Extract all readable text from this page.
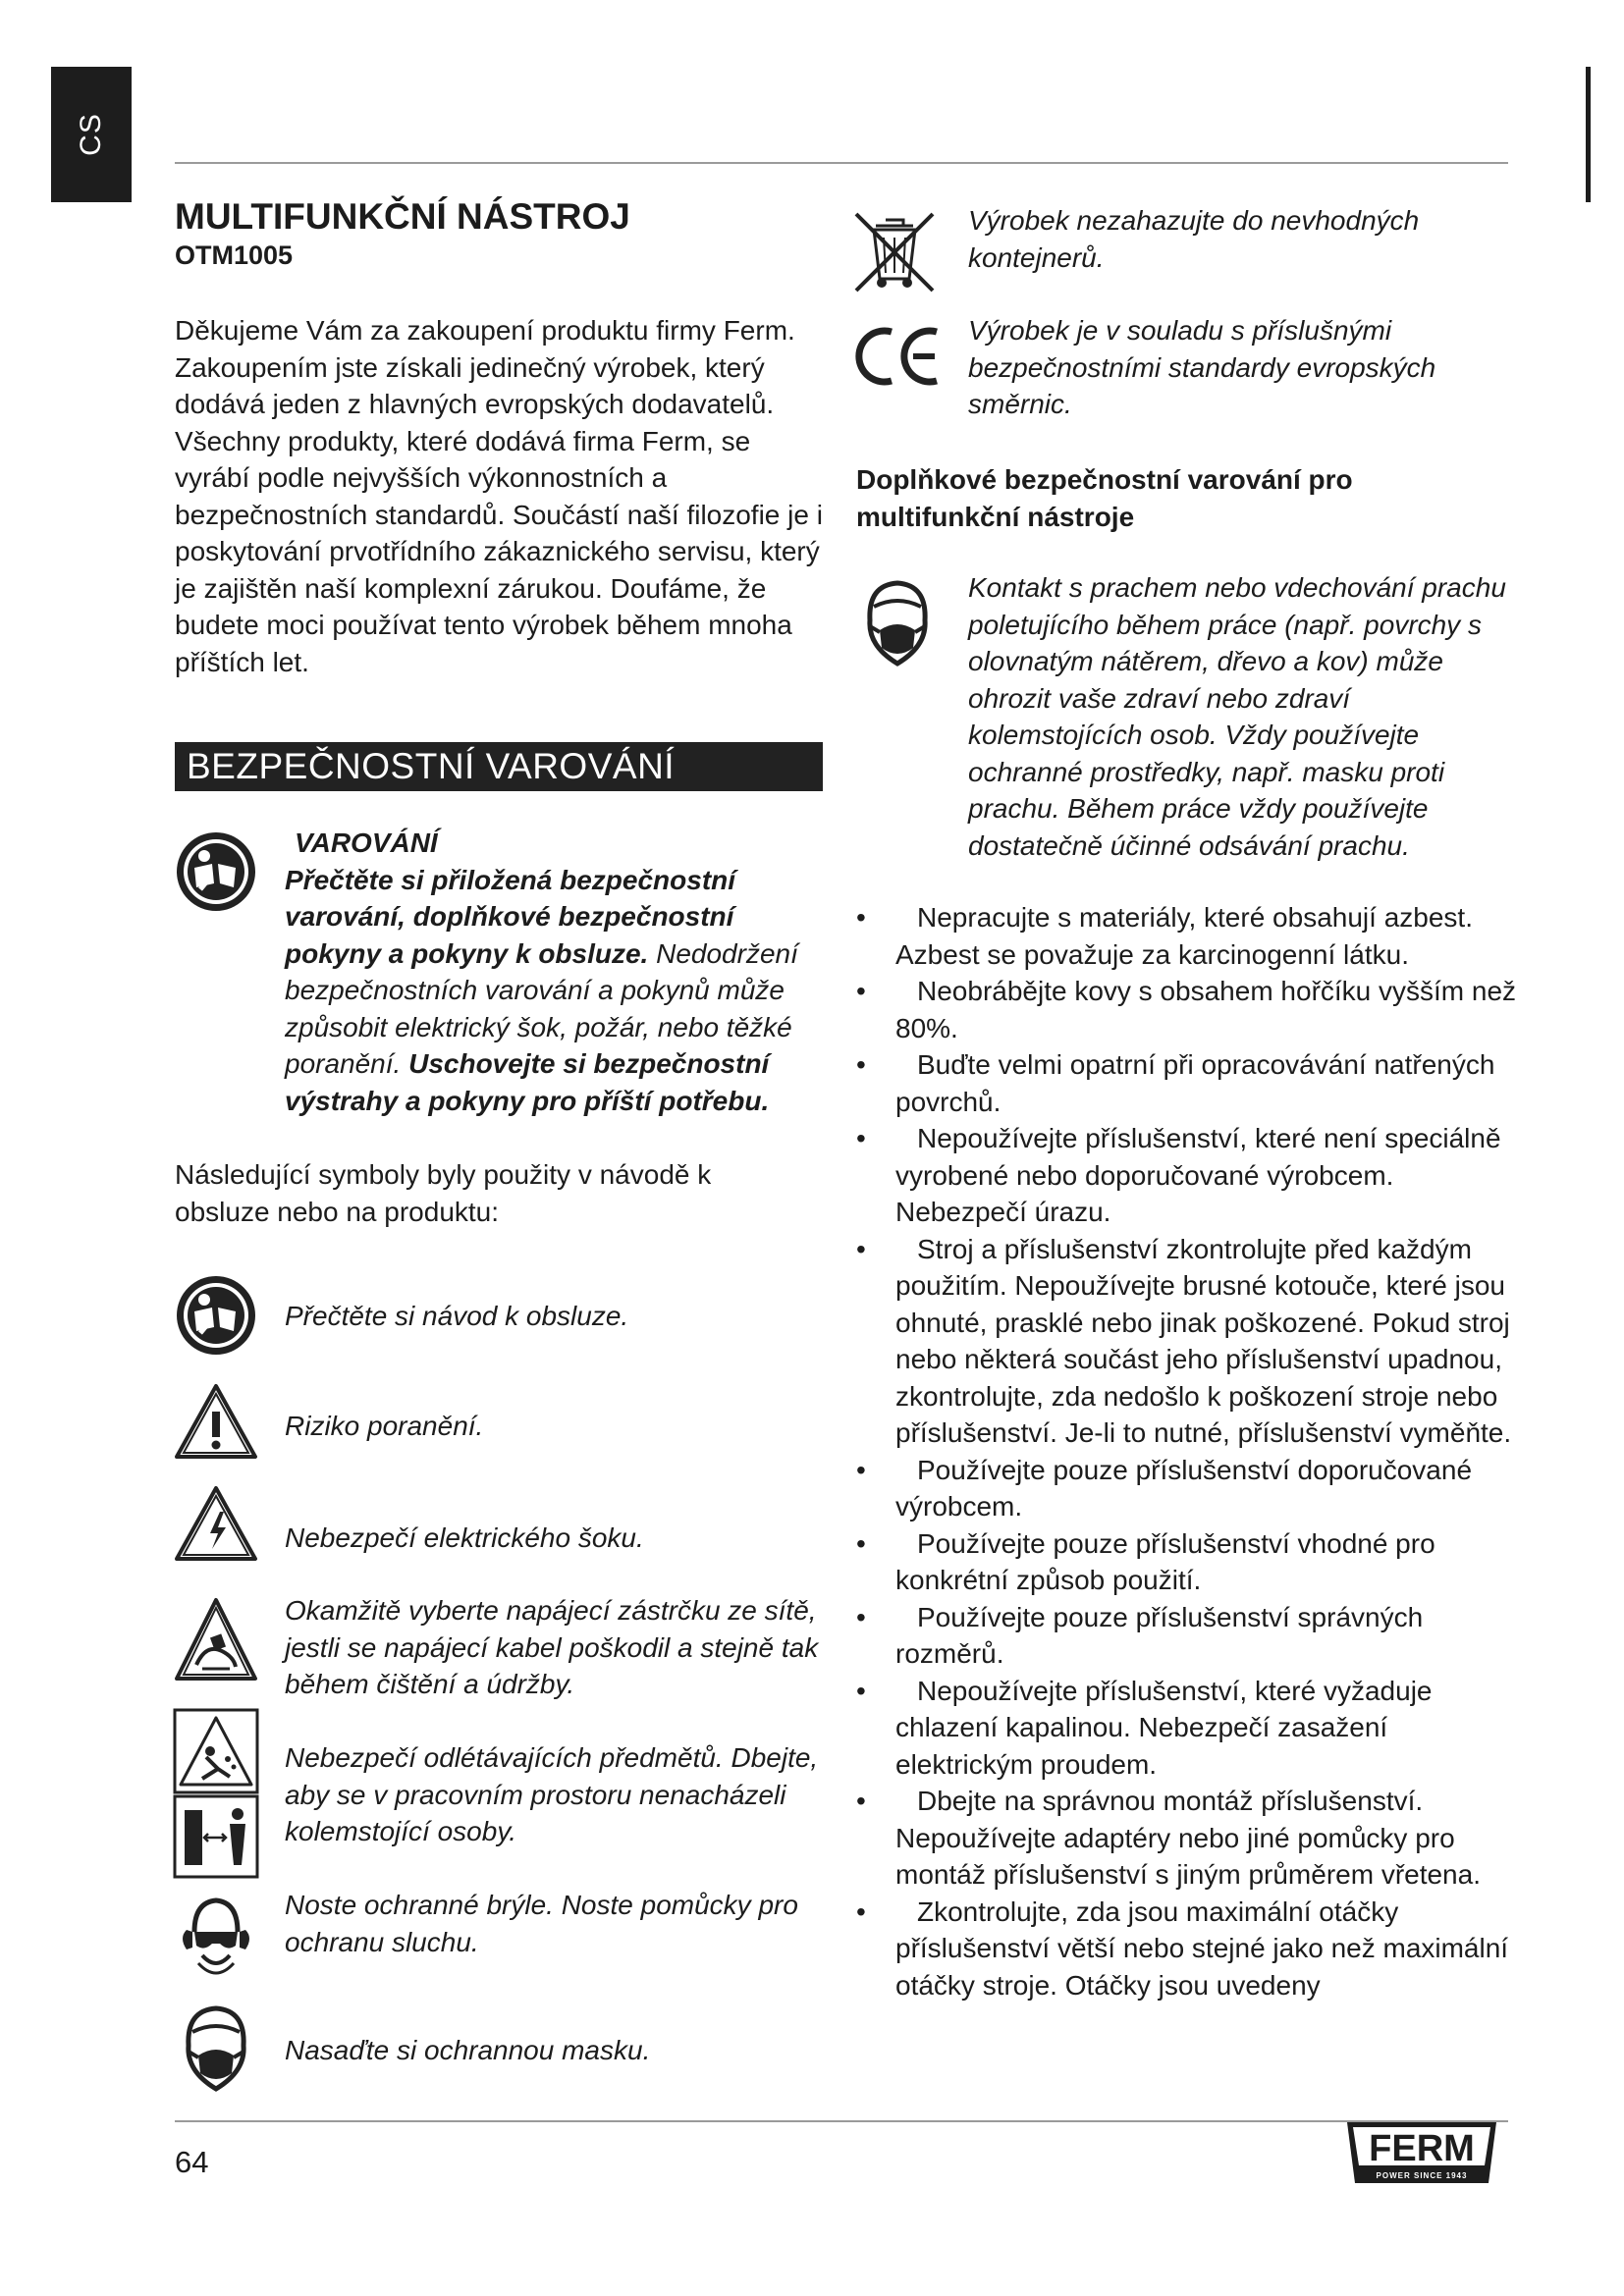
CS
MULTIFUNKČNÍ NÁSTROJ
OTM1005
Děkujeme Vám za zakoupení produktu firmy Ferm. Zakoupením jste získali jedinečný výrobek, který dodává jeden z hlavných evropských dodavatelů. Všechny produkty, které dodává firma Ferm, se vyrábí podle nejvyšších výkonnostních a bezpečnostních standardů. Součástí naší filozofie je i poskytování prvotřídního zákaznického servisu, který je zajištěn naší komplexní zárukou. Doufáme, že budete moci používat tento výrobek během mnoha příštích let.
BEZPEČNOSTNÍ VAROVÁNÍ
VAROVÁNÍ
Přečtěte si přiložená bezpečnostní varování, doplňkové bezpečnostní pokyny a pokyny k obsluze. Nedodržení bezpečnostních varování a pokynů může způsobit elektrický šok, požár, nebo těžké poranění. Uschovejte si bezpečnostní výstrahy a pokyny pro příští potřebu.
Následující symboly byly použity v návodě k obsluze nebo na produktu:
Přečtěte si návod k obsluze.
Riziko poranění.
Nebezpečí elektrického šoku.
Okamžitě vyberte napájecí zástrčku ze sítě, jestli se napájecí kabel poškodil a stejně tak během čištění a údržby.
Nebezpečí odlétávajících předmětů. Dbejte, aby se v pracovním prostoru nenacházeli kolemstojící osoby.
Noste ochranné brýle. Noste pomůcky pro ochranu sluchu.
Nasaďte si ochrannou masku.
Výrobek nezahazujte do nevhodných kontejnerů.
Výrobek je v souladu s příslušnými bezpečnostními standardy evropských směrnic.
Doplňkové bezpečnostní varování pro multifunkční nástroje
Kontakt s prachem nebo vdechování prachu poletujícího během práce (např. povrchy s olovnatým nátěrem, dřevo a kov) může ohrozit vaše zdraví nebo zdraví kolemstojících osob. Vždy používejte ochranné prostředky, např. masku proti prachu. Během práce vždy používejte dostatečně účinné odsávání prachu.
• Nepracujte s materiály, které obsahují azbest. Azbest se považuje za karcinogenní látku.
• Neobrábějte kovy s obsahem hořčíku vyšším než 80%.
• Buďte velmi opatrní při opracovávání natřených povrchů.
• Nepoužívejte příslušenství, které není speciálně vyrobené nebo doporučované výrobcem. Nebezpečí úrazu.
• Stroj a příslušenství zkontrolujte před každým použitím. Nepoužívejte brusné kotouče, které jsou ohnuté, prasklé nebo jinak poškozené. Pokud stroj nebo některá součást jeho příslušenství upadnou, zkontrolujte, zda nedošlo k poškození stroje nebo příslušenství. Je-li to nutné, příslušenství vyměňte.
• Používejte pouze příslušenství doporučované výrobcem.
• Používejte pouze příslušenství vhodné pro konkrétní způsob použití.
• Používejte pouze příslušenství správných rozměrů.
• Nepoužívejte příslušenství, které vyžaduje chlazení kapalinou. Nebezpečí zasažení elektrickým proudem.
• Dbejte na správnou montáž příslušenství. Nepoužívejte adaptéry nebo jiné pomůcky pro montáž příslušenství s jiným průměrem vřetena.
• Zkontrolujte, zda jsou maximální otáčky příslušenství větší nebo stejné jako než maximální otáčky stroje. Otáčky jsou uvedeny
64	FERM
POWER SINCE 1943
